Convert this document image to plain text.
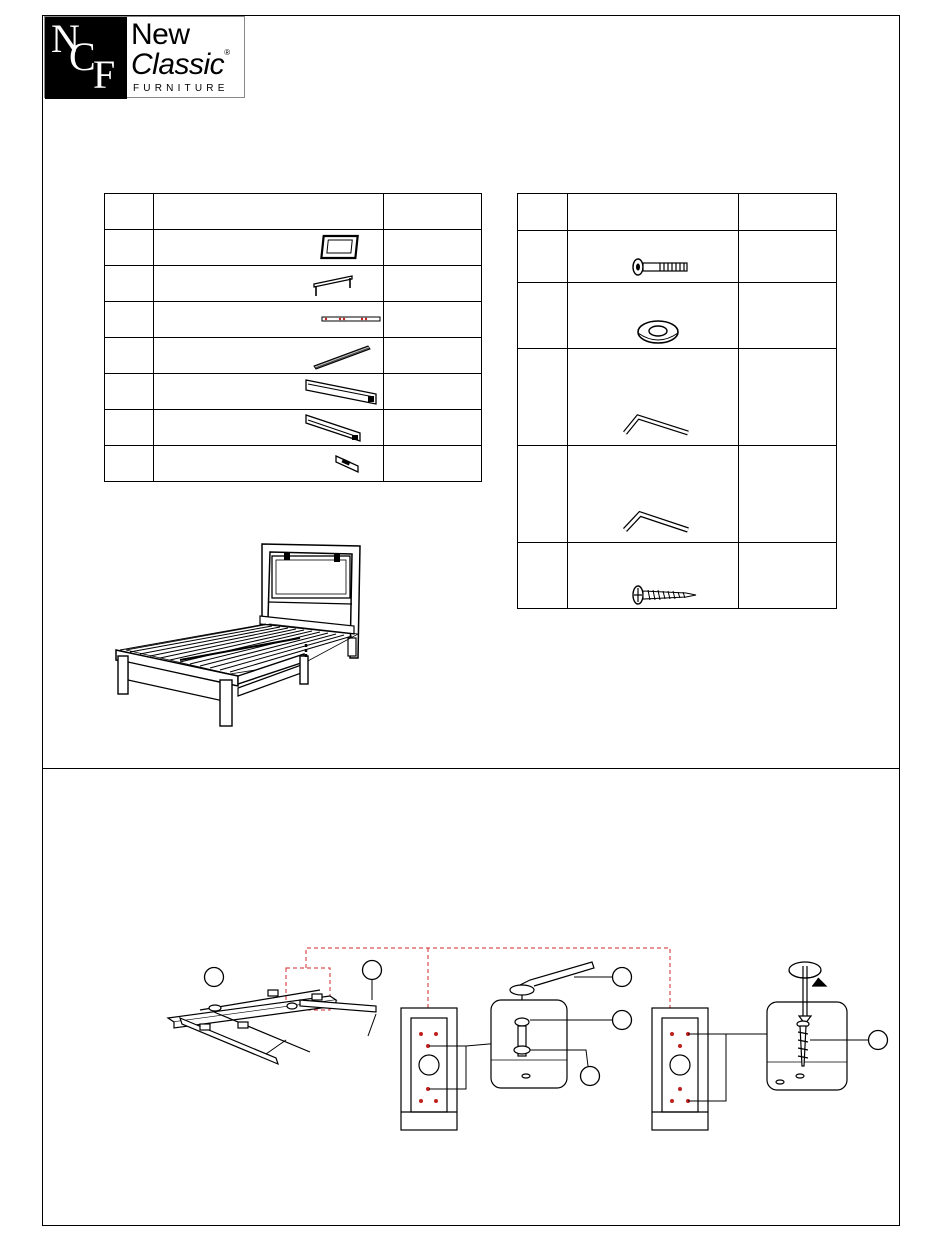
N
C
F
New
Classic®
FURNITURE
